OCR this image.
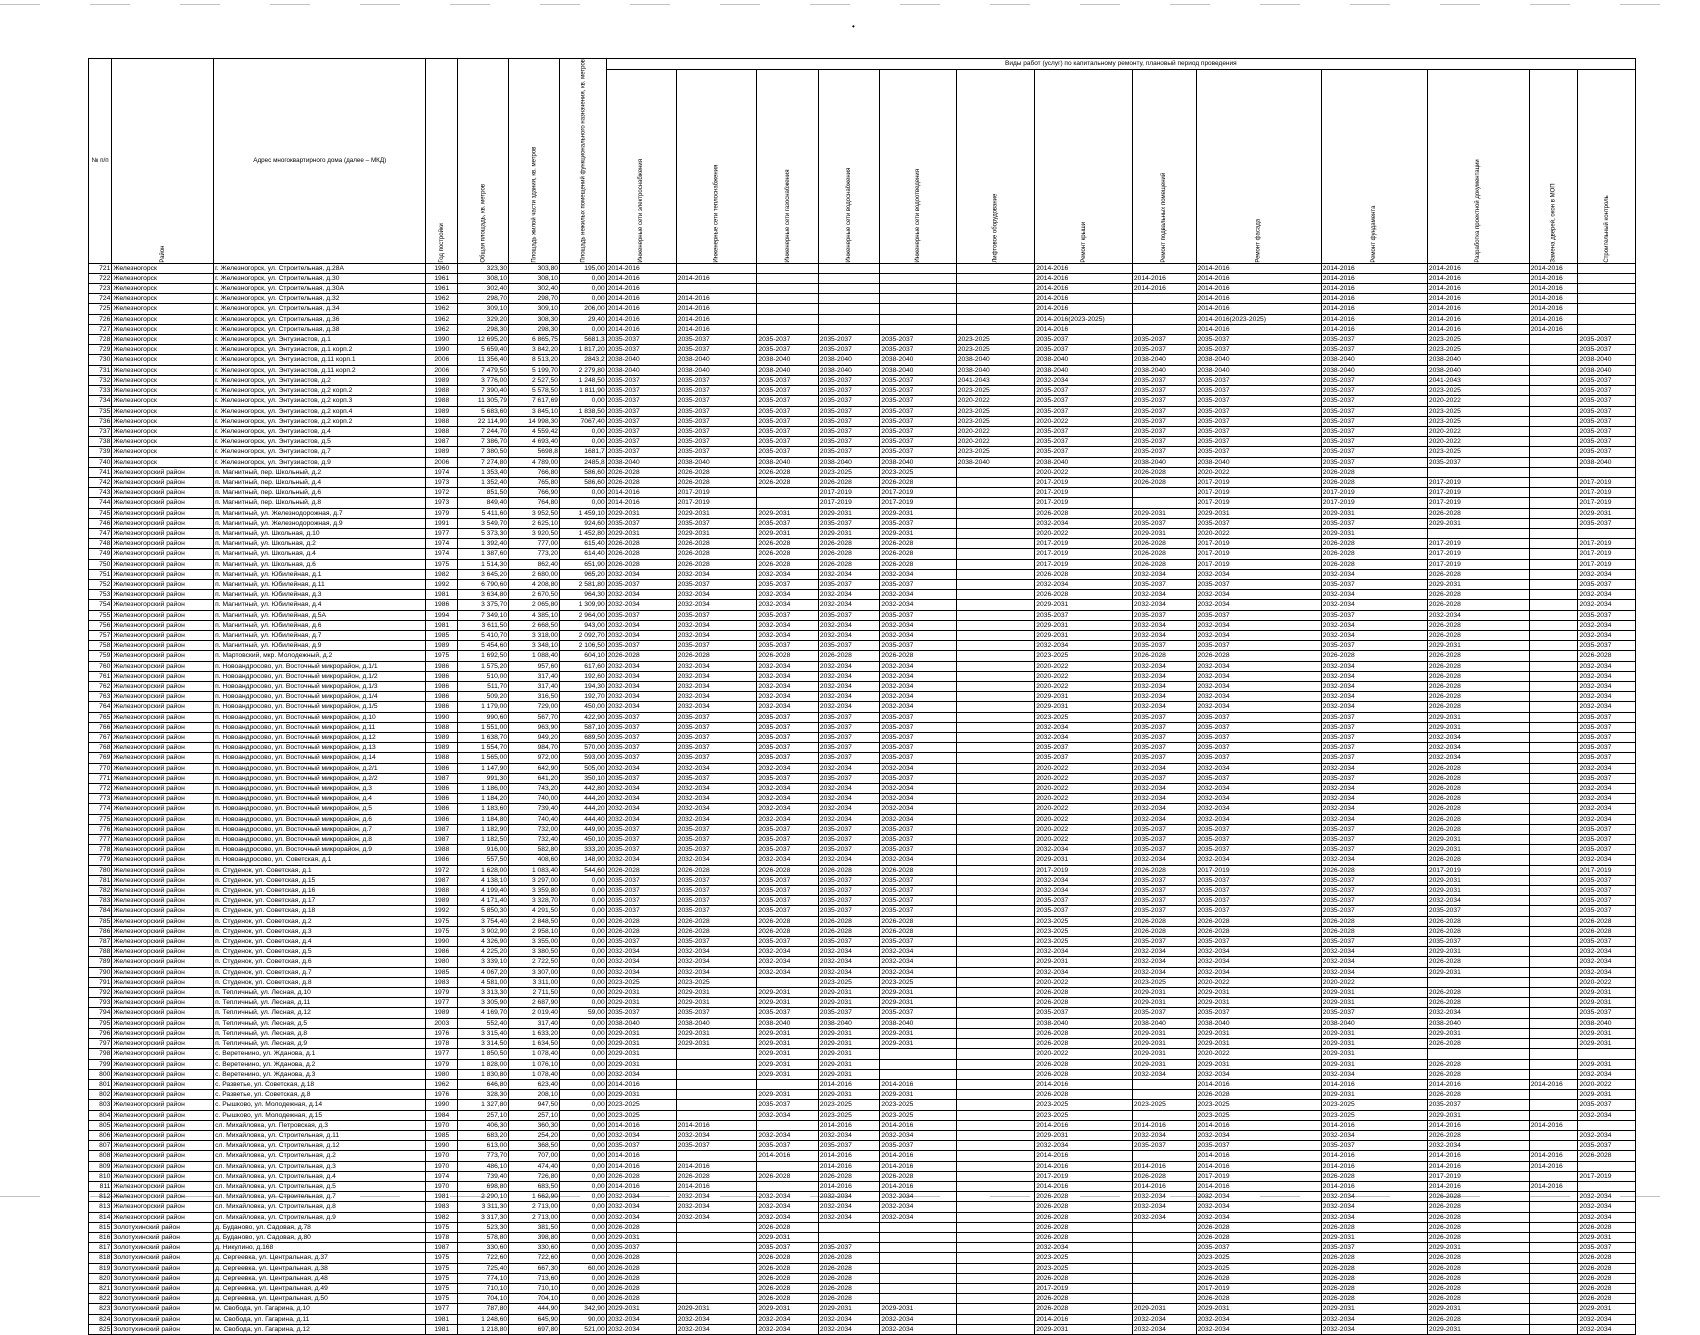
•
№ п/п	Район	Адрес многоквартирного дома (далее – МКД)	Год постройки	Общая площадь, кв. метров	Площадь жилой части здания, кв. метров	Площадь нежилых помещений функционального назначения, кв. метров	Виды работ (услуг) по капитальному ремонту, плановый период проведения												
							Инженерные сети электроснабжения	Инженерные сети теплоснабжения	Инженерные сети газоснабжения	Инженерные сети водоснабжения	Инженерные сети водоотведения	Лифтовое оборудование	Ремонт крыши	Ремонт подвальных помещений	Ремонт фасада	Ремонт фундамента	Разработка проектной документации	Замена дверей, окон в МОП	Строительный контроль
721	Железногорск	г. Железногорск, ул. Строительная, д.28А	1960	323,30	303,80	195,00	2014-2016						2014-2016		2014-2016	2014-2016	2014-2016	2014-2016	
722	Железногорск	г. Железногорск, ул. Строительная, д.30	1961	308,10	308,10	0,00	2014-2016	2014-2016					2014-2016	2014-2016	2014-2016	2014-2016	2014-2016	2014-2016	
723	Железногорск	г. Железногорск, ул. Строительная, д.30А	1961	302,40	302,40	0,00	2014-2016						2014-2016	2014-2016	2014-2016	2014-2016	2014-2016	2014-2016	
724	Железногорск	г. Железногорск, ул. Строительная, д.32	1962	298,70	298,70	0,00	2014-2016	2014-2016					2014-2016		2014-2016	2014-2016	2014-2016	2014-2016	
725	Железногорск	г. Железногорск, ул. Строительная, д.34	1962	309,10	309,10	206,00	2014-2016	2014-2016					2014-2016		2014-2016	2014-2016	2014-2016	2014-2016	
726	Железногорск	г. Железногорск, ул. Строительная, д.36	1962	329,20	308,30	29,40	2014-2016	2014-2016					2014-2016(2023-2025)		2014-2016(2023-2025)	2014-2016	2014-2016	2014-2016	
727	Железногорск	г. Железногорск, ул. Строительная, д.38	1962	298,30	298,30	0,00	2014-2016	2014-2016					2014-2016		2014-2016	2014-2016	2014-2016	2014-2016	
728	Железногорск	г. Железногорск, ул. Энтузиастов, д.1	1990	12 695,20	6 865,75	5681,3	2035-2037	2035-2037	2035-2037	2035-2037	2035-2037	2023-2025	2035-2037	2035-2037	2035-2037	2035-2037	2023-2025		2035-2037
729	Железногорск	г. Железногорск, ул. Энтузиастов, д.1 корп.2	1990	5 659,40	3 842,20	1 817,20	2035-2037	2035-2037	2035-2037	2035-2037	2035-2037	2023-2025	2035-2037	2035-2037	2035-2037	2035-2037	2023-2025		2035-2037
730	Железногорск	г. Железногорск, ул. Энтузиастов, д.11 корп.1	2006	11 356,40	8 513,20	2843,2	2038-2040	2038-2040	2038-2040	2038-2040	2038-2040	2038-2040	2038-2040	2038-2040	2038-2040	2038-2040	2038-2040		2038-2040
731	Железногорск	г. Железногорск, ул. Энтузиастов, д.11 корп.2	2006	7 479,50	5 199,70	2 279,80	2038-2040	2038-2040	2038-2040	2038-2040	2038-2040	2038-2040	2038-2040	2038-2040	2038-2040	2038-2040	2038-2040		2038-2040
732	Железногорск	г. Железногорск, ул. Энтузиастов, д.2	1989	3 776,00	2 527,50	1 248,50	2035-2037	2035-2037	2035-2037	2035-2037	2035-2037	2041-2043	2032-2034	2035-2037	2035-2037	2035-2037	2041-2043		2035-2037
733	Железногорск	г. Железногорск, ул. Энтузиастов, д.2 корп.2	1988	7 390,40	5 578,50	1 811,90	2035-2037	2035-2037	2035-2037	2035-2037	2035-2037	2023-2025	2035-2037	2035-2037	2035-2037	2035-2037	2023-2025		2035-2037
734	Железногорск	г. Железногорск, ул. Энтузиастов, д.2 корп.3	1988	11 305,79	7 617,69	0,00	2035-2037	2035-2037	2035-2037	2035-2037	2035-2037	2020-2022	2035-2037	2035-2037	2035-2037	2035-2037	2020-2022		2035-2037
735	Железногорск	г. Железногорск, ул. Энтузиастов, д.2 корп.4	1989	5 683,60	3 845,10	1 838,50	2035-2037	2035-2037	2035-2037	2035-2037	2035-2037	2023-2025	2035-2037	2035-2037	2035-2037	2035-2037	2023-2025		2035-2037
736	Железногорск	г. Железногорск, ул. Энтузиастов, д.2 корп.2	1988	22 114,90	14 998,30	7067,40	2035-2037	2035-2037	2035-2037	2035-2037	2035-2037	2023-2025	2020-2022	2035-2037	2035-2037	2035-2037	2023-2025		2035-2037
737	Железногорск	г. Железногорск, ул. Энтузиастов, д.4	1988	7 244,70	4 559,42	0,00	2035-2037	2035-2037	2035-2037	2035-2037	2035-2037	2020-2022	2035-2037	2035-2037	2035-2037	2035-2037	2020-2022		2035-2037
738	Железногорск	г. Железногорск, ул. Энтузиастов, д.5	1987	7 386,70	4 693,40	0,00	2035-2037	2035-2037	2035-2037	2035-2037	2035-2037	2020-2022	2035-2037	2035-2037	2035-2037	2035-2037	2020-2022		2035-2037
739	Железногорск	г. Железногорск, ул. Энтузиастов, д.7	1989	7 380,50	5698,8	1681,7	2035-2037	2035-2037	2035-2037	2035-2037	2035-2037	2023-2025	2035-2037	2035-2037	2035-2037	2035-2037	2023-2025		2035-2037
740	Железногорск	г. Железногорск, ул. Энтузиастов, д.9	2006	7 274,80	4 789,00	2485,8	2038-2040	2038-2040	2038-2040	2038-2040	2038-2040	2038-2040	2038-2040	2038-2040	2038-2040	2035-2037	2035-2037		2038-2040
741	Железногорский район	п. Магнитный, пер. Школьный, д.2	1974	1 353,40	766,80	586,60	2026-2028	2026-2028	2026-2028	2023-2025	2023-2025		2020-2022	2026-2028	2020-2022	2026-2028			
742	Железногорский район	п. Магнитный, пер. Школьный, д.4	1973	1 352,40	765,80	586,60	2026-2028	2026-2028	2026-2028	2026-2028	2026-2028		2017-2019	2026-2028	2017-2019	2026-2028	2017-2019		2017-2019
743	Железногорский район	п. Магнитный, пер. Школьный, д.6	1972	851,50	766,90	0,00	2014-2016	2017-2019		2017-2019	2017-2019		2017-2019		2017-2019	2017-2019	2017-2019		2017-2019
744	Железногорский район	п. Магнитный, пер. Школьный, д.8	1973	849,40	764,80	0,00	2014-2016	2017-2019		2017-2019	2017-2019		2017-2019		2017-2019	2017-2019	2017-2019		2017-2019
745	Железногорский район	п. Магнитный, ул. Железнодорожная, д.7	1979	5 411,60	3 952,50	1 459,10	2029-2031	2029-2031	2029-2031	2029-2031	2029-2031		2026-2028	2029-2031	2029-2031	2029-2031	2026-2028		2029-2031
746	Железногорский район	п. Магнитный, ул. Железнодорожная, д.9	1991	3 549,70	2 625,10	924,60	2035-2037	2035-2037	2035-2037	2035-2037	2035-2037		2032-2034	2035-2037	2035-2037	2035-2037	2029-2031		2035-2037
747	Железногорский район	п. Магнитный, ул. Школьная, д.10	1977	5 373,30	3 920,50	1 452,80	2029-2031	2029-2031	2029-2031	2029-2031	2029-2031		2020-2022	2029-2031	2020-2022	2029-2031			
748	Железногорский район	п. Магнитный, ул. Школьная, д.2	1974	1 392,40	777,00	615,40	2026-2028	2026-2028	2026-2028	2026-2028	2026-2028		2017-2019	2026-2028	2017-2019	2026-2028	2017-2019		2017-2019
749	Железногорский район	п. Магнитный, ул. Школьная, д.4	1974	1 387,60	773,20	614,40	2026-2028	2026-2028	2026-2028	2026-2028	2026-2028		2017-2019	2026-2028	2017-2019	2026-2028	2017-2019		2017-2019
750	Железногорский район	п. Магнитный, ул. Школьная, д.6	1975	1 514,30	862,40	651,90	2026-2028	2026-2028	2026-2028	2026-2028	2026-2028		2017-2019	2026-2028	2017-2019	2026-2028	2017-2019		2017-2019
751	Железногорский район	п. Магнитный, ул. Юбилейная, д.1	1982	3 645,20	2 680,00	965,20	2032-2034	2032-2034	2032-2034	2032-2034	2032-2034		2026-2028	2032-2034	2032-2034	2032-2034	2026-2028		2032-2034
752	Железногорский район	п. Магнитный, ул. Юбилейная, д.11	1992	6 790,60	4 208,80	2 581,80	2035-2037	2035-2037	2035-2037	2035-2037	2035-2037		2032-2034	2035-2037	2035-2037	2035-2037	2029-2031		2035-2037
753	Железногорский район	п. Магнитный, ул. Юбилейная, д.3	1981	3 634,80	2 670,50	964,30	2032-2034	2032-2034	2032-2034	2032-2034	2032-2034		2026-2028	2032-2034	2032-2034	2032-2034	2026-2028		2032-2034
754	Железногорский район	п. Магнитный, ул. Юбилейная, д.4	1986	3 375,70	2 065,80	1 309,90	2032-2034	2032-2034	2032-2034	2032-2034	2032-2034		2029-2031	2032-2034	2032-2034	2032-2034	2026-2028		2032-2034
755	Железногорский район	п. Магнитный, ул. Юбилейная, д.5А	1994	7 349,10	4 385,10	2 964,00	2035-2037	2035-2037	2035-2037	2035-2037	2035-2037		2035-2037	2035-2037	2035-2037	2035-2037	2032-2034		2035-2037
756	Железногорский район	п. Магнитный, ул. Юбилейная, д.6	1981	3 611,50	2 668,50	943,00	2032-2034	2032-2034	2032-2034	2032-2034	2032-2034		2029-2031	2032-2034	2032-2034	2032-2034	2026-2028		2032-2034
757	Железногорский район	п. Магнитный, ул. Юбилейная, д.7	1985	5 410,70	3 318,00	2 092,70	2032-2034	2032-2034	2032-2034	2032-2034	2032-2034		2029-2031	2032-2034	2032-2034	2032-2034	2026-2028		2032-2034
758	Железногорский район	п. Магнитный, ул. Юбилейная, д.9	1989	5 454,60	3 348,10	2 106,50	2035-2037	2035-2037	2035-2037	2035-2037	2035-2037		2032-2034	2035-2037	2035-2037	2035-2037	2029-2031		2035-2037
759	Железногорский район	п. Мартовский, мкр. Молодежный, д.2	1975	1 692,50	1 088,40	604,10	2026-2028	2026-2028	2026-2028	2026-2028	2026-2028		2023-2025	2026-2028	2026-2028	2026-2028	2026-2028		2026-2028
760	Железногорский район	п. Новоандросово, ул. Восточный микрорайон, д.1/1	1986	1 575,20	957,60	617,60	2032-2034	2032-2034	2032-2034	2032-2034	2032-2034		2020-2022	2032-2034	2032-2034	2032-2034	2026-2028		2032-2034
761	Железногорский район	п. Новоандросово, ул. Восточный микрорайон, д.1/2	1986	510,00	317,40	192,60	2032-2034	2032-2034	2032-2034	2032-2034	2032-2034		2020-2022	2032-2034	2032-2034	2032-2034	2026-2028		2032-2034
762	Железногорский район	п. Новоандросово, ул. Восточный микрорайон, д.1/3	1986	511,70	317,40	194,30	2032-2034	2032-2034	2032-2034	2032-2034	2032-2034		2020-2022	2032-2034	2032-2034	2032-2034	2026-2028		2032-2034
763	Железногорский район	п. Новоандросово, ул. Восточный микрорайон, д.1/4	1986	509,20	316,50	192,70	2032-2034	2032-2034	2032-2034	2032-2034	2032-2034		2029-2031	2032-2034	2032-2034	2032-2034	2026-2028		2032-2034
764	Железногорский район	п. Новоандросово, ул. Восточный микрорайон, д.1/5	1986	1 179,00	729,00	450,00	2032-2034	2032-2034	2032-2034	2032-2034	2032-2034		2029-2031	2032-2034	2032-2034	2032-2034	2026-2028		2032-2034
765	Железногорский район	п. Новоандросово, ул. Восточный микрорайон, д.10	1990	990,60	567,70	422,90	2035-2037	2035-2037	2035-2037	2035-2037	2035-2037		2023-2025	2035-2037	2035-2037	2035-2037	2029-2031		2035-2037
766	Железногорский район	п. Новоандросово, ул. Восточный микрорайон, д.11	1988	1 551,00	963,90	587,10	2035-2037	2035-2037	2035-2037	2035-2037	2035-2037		2032-2034	2035-2037	2035-2037	2035-2037	2029-2031		2035-2037
767	Железногорский район	п. Новоандросово, ул. Восточный микрорайон, д.12	1989	1 638,70	949,20	689,50	2035-2037	2035-2037	2035-2037	2035-2037	2035-2037		2032-2034	2035-2037	2035-2037	2035-2037	2032-2034		2035-2037
768	Железногорский район	п. Новоандросово, ул. Восточный микрорайон, д.13	1989	1 554,70	984,70	570,00	2035-2037	2035-2037	2035-2037	2035-2037	2035-2037		2035-2037	2035-2037	2035-2037	2035-2037	2032-2034		2035-2037
769	Железногорский район	п. Новоандросово, ул. Восточный микрорайон, д.14	1988	1 565,00	972,00	593,00	2035-2037	2035-2037	2035-2037	2035-2037	2035-2037		2035-2037	2035-2037	2035-2037	2035-2037	2032-2034		2035-2037
770	Железногорский район	п. Новоандросово, ул. Восточный микрорайон, д.2/1	1986	1 147,90	642,90	505,00	2032-2034	2032-2034	2032-2034	2032-2034	2032-2034		2020-2022	2032-2034	2032-2034	2032-2034	2026-2028		2032-2034
771	Железногорский район	п. Новоандросово, ул. Восточный микрорайон, д.2/2	1987	991,30	641,20	350,10	2035-2037	2035-2037	2035-2037	2035-2037	2035-2037		2020-2022	2035-2037	2035-2037	2035-2037	2026-2028		2035-2037
772	Железногорский район	п. Новоандросово, ул. Восточный микрорайон, д.3	1986	1 186,00	743,20	442,80	2032-2034	2032-2034	2032-2034	2032-2034	2032-2034		2020-2022	2032-2034	2032-2034	2032-2034	2026-2028		2032-2034
773	Железногорский район	п. Новоандросово, ул. Восточный микрорайон, д.4	1986	1 184,20	740,00	444,20	2032-2034	2032-2034	2032-2034	2032-2034	2032-2034		2020-2022	2032-2034	2032-2034	2032-2034	2026-2028		2032-2034
774	Железногорский район	п. Новоандросово, ул. Восточный микрорайон, д.5	1986	1 183,60	739,40	444,20	2032-2034	2032-2034	2032-2034	2032-2034	2032-2034		2020-2022	2032-2034	2032-2034	2032-2034	2026-2028		2032-2034
775	Железногорский район	п. Новоандросово, ул. Восточный микрорайон, д.6	1986	1 184,80	740,40	444,40	2032-2034	2032-2034	2032-2034	2032-2034	2032-2034		2020-2022	2032-2034	2032-2034	2032-2034	2026-2028		2032-2034
776	Железногорский район	п. Новоандросово, ул. Восточный микрорайон, д.7	1987	1 182,90	732,00	449,90	2035-2037	2035-2037	2035-2037	2035-2037	2035-2037		2020-2022	2035-2037	2035-2037	2035-2037	2026-2028		2035-2037
777	Железногорский район	п. Новоандросово, ул. Восточный микрорайон, д.8	1987	1 182,50	732,40	450,10	2035-2037	2035-2037	2035-2037	2035-2037	2035-2037		2020-2022	2035-2037	2035-2037	2035-2037	2029-2031		2035-2037
778	Железногорский район	п. Новоандросово, ул. Восточный микрорайон, д.9	1988	916,00	582,80	333,20	2035-2037	2035-2037	2035-2037	2035-2037	2035-2037		2032-2034	2035-2037	2035-2037	2035-2037	2029-2031		2035-2037
779	Железногорский район	п. Новоандросово, ул. Советская, д.1	1986	557,50	408,60	148,90	2032-2034	2032-2034	2032-2034	2032-2034	2032-2034		2029-2031	2032-2034	2032-2034	2032-2034	2026-2028		2032-2034
780	Железногорский район	п. Студенок, ул. Советская, д.1	1972	1 628,00	1 083,40	544,60	2026-2028	2026-2028	2026-2028	2026-2028	2026-2028		2017-2019	2026-2028	2017-2019	2026-2028	2017-2019		2017-2019
781	Железногорский район	п. Студенок, ул. Советская, д.15	1987	4 138,10	3 297,00	0,00	2035-2037	2035-2037	2035-2037	2035-2037	2035-2037		2032-2034	2035-2037	2035-2037	2035-2037	2029-2031		2035-2037
782	Железногорский район	п. Студенок, ул. Советская, д.16	1988	4 199,40	3 359,80	0,00	2035-2037	2035-2037	2035-2037	2035-2037	2035-2037		2032-2034	2035-2037	2035-2037	2035-2037	2029-2031		2035-2037
783	Железногорский район	п. Студенок, ул. Советская, д.17	1989	4 171,40	3 328,70	0,00	2035-2037	2035-2037	2035-2037	2035-2037	2035-2037		2035-2037	2035-2037	2035-2037	2035-2037	2032-2034		2035-2037
784	Железногорский район	п. Студенок, ул. Советская, д.18	1992	5 850,30	4 291,50	0,00	2035-2037	2035-2037	2035-2037	2035-2037	2035-2037		2035-2037	2035-2037	2035-2037	2035-2037	2035-2037		2035-2037
785	Железногорский район	п. Студенок, ул. Советская, д.2	1975	3 754,40	2 848,50	0,00	2026-2028	2026-2028	2026-2028	2026-2028	2026-2028		2023-2025	2026-2028	2026-2028	2026-2028	2026-2028		2026-2028
786	Железногорский район	п. Студенок, ул. Советская, д.3	1975	3 902,90	2 958,10	0,00	2026-2028	2026-2028	2026-2028	2026-2028	2026-2028		2023-2025	2026-2028	2026-2028	2026-2028	2026-2028		2026-2028
787	Железногорский район	п. Студенок, ул. Советская, д.4	1990	4 326,90	3 355,00	0,00	2035-2037	2035-2037	2035-2037	2035-2037	2035-2037		2023-2025	2035-2037	2035-2037	2035-2037	2035-2037		2035-2037
788	Железногорский район	п. Студенок, ул. Советская, д.5	1986	4 225,20	3 380,50	0,00	2032-2034	2032-2034	2032-2034	2032-2034	2032-2034		2032-2034	2032-2034	2032-2034	2032-2034	2029-2031		2032-2034
789	Железногорский район	п. Студенок, ул. Советская, д.6	1980	3 339,10	2 722,50	0,00	2032-2034	2032-2034	2032-2034	2032-2034	2032-2034		2029-2031	2032-2034	2032-2034	2032-2034	2026-2028		2032-2034
790	Железногорский район	п. Студенок, ул. Советская, д.7	1985	4 067,20	3 307,00	0,00	2032-2034	2032-2034	2032-2034	2032-2034	2032-2034		2032-2034	2032-2034	2032-2034	2032-2034	2029-2031		2032-2034
791	Железногорский район	п. Студенок, ул. Советская, д.8	1983	4 581,00	3 311,00	0,00	2023-2025	2023-2025		2023-2025	2023-2025		2020-2022	2023-2025	2020-2022	2020-2022			2020-2022
792	Железногорский район	п. Тепличный, ул. Лесная, д.10	1979	3 313,30	2 711,50	0,00	2029-2031	2029-2031	2029-2031	2029-2031	2029-2031		2026-2028	2029-2031	2029-2031	2029-2031	2026-2028		2029-2031
793	Железногорский район	п. Тепличный, ул. Лесная, д.11	1977	3 305,90	2 687,90	0,00	2029-2031	2029-2031	2029-2031	2029-2031	2029-2031		2026-2028	2029-2031	2029-2031	2029-2031	2026-2028		2029-2031
794	Железногорский район	п. Тепличный, ул. Лесная, д.12	1989	4 169,70	2 019,40	59,00	2035-2037	2035-2037	2035-2037	2035-2037	2035-2037		2035-2037	2035-2037	2035-2037	2035-2037	2032-2034		2035-2037
795	Железногорский район	п. Тепличный, ул. Лесная, д.5	2003	552,40	317,40	0,00	2038-2040	2038-2040	2038-2040	2038-2040	2038-2040		2038-2040	2038-2040	2038-2040	2038-2040	2038-2040		2038-2040
796	Железногорский район	п. Тепличный, ул. Лесная, д.8	1976	3 315,40	1 633,20	0,00	2029-2031	2029-2031	2029-2031	2029-2031	2029-2031		2026-2028	2029-2031	2029-2031	2029-2031	2029-2031		2029-2031
797	Железногорский район	п. Тепличный, ул. Лесная, д.9	1978	3 314,50	1 634,50	0,00	2029-2031	2029-2031	2029-2031	2029-2031	2029-2031		2026-2028	2029-2031	2029-2031	2029-2031	2026-2028		2029-2031
798	Железногорский район	с. Веретенино, ул. Жданова, д.1	1977	1 850,50	1 078,40	0,00	2029-2031		2029-2031	2029-2031			2020-2022	2029-2031	2020-2022	2029-2031			
799	Железногорский район	с. Веретенино, ул. Жданова, д.2	1979	1 828,00	1 076,10	0,00	2029-2031		2029-2031	2029-2031			2026-2028	2029-2031	2029-2031	2029-2031	2026-2028		2029-2031
800	Железногорский район	с. Веретенино, ул. Жданова, д.3	1980	1 830,80	1 078,40	0,00	2032-2034		2029-2031	2029-2031			2026-2028	2032-2034	2032-2034	2032-2034	2026-2028		2032-2034
801	Железногорский район	с. Разветье, ул. Советская, д.18	1962	646,80	623,40	0,00	2014-2016			2014-2016	2014-2016		2014-2016		2014-2016	2014-2016	2014-2016	2014-2016	2020-2022
802	Железногорский район	с. Разветье, ул. Советская, д.8	1976	328,30	208,10	0,00	2029-2031		2029-2031	2029-2031	2029-2031		2026-2028		2026-2028	2029-2031	2026-2028		2029-2031
803	Железногорский район	с. Рышково, ул. Молодежная, д.14	1990	1 327,80	947,50	0,00	2023-2025		2035-2037	2023-2025	2023-2025		2023-2025	2023-2025	2023-2025	2023-2025	2035-2037		2035-2037
804	Железногорский район	с. Рышково, ул. Молодежная, д.15	1984	257,10	257,10	0,00	2023-2025		2032-2034	2023-2025	2023-2025		2023-2025		2023-2025	2023-2025	2029-2031		2032-2034
805	Железногорский район	сл. Михайловка, ул. Петровская, д.3	1970	406,30	360,30	0,00	2014-2016	2014-2016		2014-2016	2014-2016		2014-2016	2014-2016	2014-2016	2014-2016	2014-2016	2014-2016	
806	Железногорский район	сл. Михайловка, ул. Строительная, д.11	1985	683,20	254,20	0,00	2032-2034	2032-2034	2032-2034	2032-2034	2032-2034		2029-2031	2032-2034	2032-2034	2032-2034	2026-2028		2032-2034
807	Железногорский район	сл. Михайловка, ул. Строительная, д.12	1990	613,00	368,50	0,00	2035-2037	2035-2037	2035-2037	2035-2037	2035-2037		2032-2034	2035-2037	2035-2037	2035-2037	2032-2034		2035-2037
808	Железногорский район	сл. Михайловка, ул. Строительная, д.2	1970	773,70	707,00	0,00	2014-2016		2014-2016	2014-2016	2014-2016		2014-2016		2014-2016	2014-2016	2014-2016	2014-2016	2026-2028
809	Железногорский район	сл. Михайловка, ул. Строительная, д.3	1970	486,10	474,40	0,00	2014-2016	2014-2016		2014-2016	2014-2016		2014-2016	2014-2016	2014-2016	2014-2016	2014-2016	2014-2016	
810	Железногорский район	сл. Михайловка, ул. Строительная, д.4	1974	739,40	726,80	0,00	2026-2028	2026-2028	2026-2028	2026-2028	2026-2028		2017-2019	2026-2028	2017-2019	2026-2028	2017-2019		2017-2019
811	Железногорский район	сл. Михайловка, ул. Строительная, д.5	1970	698,80	683,50	0,00	2014-2016	2014-2016		2014-2016	2014-2016		2014-2016	2014-2016	2014-2016	2014-2016	2014-2016	2014-2016	
812	Железногорский район	сл. Михайловка, ул. Строительная, д.7	1981	2 290,10	1 662,90	0,00	2032-2034	2032-2034	2032-2034	2032-2034	2032-2034		2026-2028	2032-2034	2032-2034	2032-2034	2026-2028		2032-2034
813	Железногорский район	сл. Михайловка, ул. Строительная, д.8	1983	3 311,30	2 713,00	0,00	2032-2034	2032-2034	2032-2034	2032-2034	2032-2034		2026-2028	2032-2034	2032-2034	2032-2034	2026-2028		2032-2034
814	Железногорский район	сл. Михайловка, ул. Строительная, д.9	1982	3 317,30	2 713,00	0,00	2032-2034	2032-2034	2032-2034	2032-2034	2032-2034		2026-2028	2032-2034	2032-2034	2032-2034	2026-2028		2032-2034
815	Золотухинский район	д. Буданово, ул. Садовая, д.78	1975	523,30	381,50	0,00	2026-2028		2026-2028				2026-2028		2026-2028	2026-2028	2026-2028		2026-2028
816	Золотухинский район	д. Буданово, ул. Садовая, д.80	1978	578,80	398,80	0,00	2029-2031		2029-2031				2026-2028		2026-2028	2029-2031	2026-2028		2029-2031
817	Золотухинский район	д. Никулино, д.168	1987	330,60	330,60	0,00	2035-2037		2035-2037	2035-2037			2032-2034		2035-2037	2035-2037	2029-2031		2035-2037
818	Золотухинский район	д. Сергеевка, ул. Центральная, д.37	1975	722,60	722,60	0,00	2026-2028		2026-2028	2026-2028			2023-2025		2023-2025	2026-2028	2026-2028		2026-2028
819	Золотухинский район	д. Сергеевка, ул. Центральная, д.38	1975	725,40	667,30	60,00	2026-2028		2026-2028	2026-2028			2023-2025		2023-2025	2026-2028	2026-2028		2026-2028
820	Золотухинский район	д. Сергеевка, ул. Центральная, д.48	1975	774,10	713,60	0,00	2026-2028		2026-2028	2026-2028			2026-2028		2026-2028	2026-2028	2026-2028		2026-2028
821	Золотухинский район	д. Сергеевка, ул. Центральная, д.49	1975	710,10	710,10	0,00	2026-2028		2026-2028	2026-2028			2017-2019		2017-2019	2026-2028	2026-2028		2026-2028
822	Золотухинский район	д. Сергеевка, ул. Центральная, д.50	1975	704,10	704,10	0,00	2026-2028		2026-2028	2026-2028			2026-2028		2026-2028	2026-2028	2026-2028		2026-2028
823	Золотухинский район	м. Свобода, ул. Гагарина, д.10	1977	787,80	444,90	342,90	2029-2031	2029-2031	2029-2031	2029-2031	2029-2031		2026-2028	2029-2031	2029-2031	2029-2031	2029-2031		2029-2031
824	Золотухинский район	м. Свобода, ул. Гагарина, д.11	1981	1 248,60	645,90	90,00	2032-2034	2032-2034	2032-2034	2032-2034	2032-2034		2014-2016	2032-2034	2032-2034	2032-2034	2026-2028		2032-2034
825	Золотухинский район	м. Свобода, ул. Гагарина, д.12	1981	1 218,80	697,80	521,00	2032-2034	2032-2034	2032-2034	2032-2034	2032-2034		2029-2031	2032-2034	2032-2034	2032-2034	2029-2031		2032-2034
